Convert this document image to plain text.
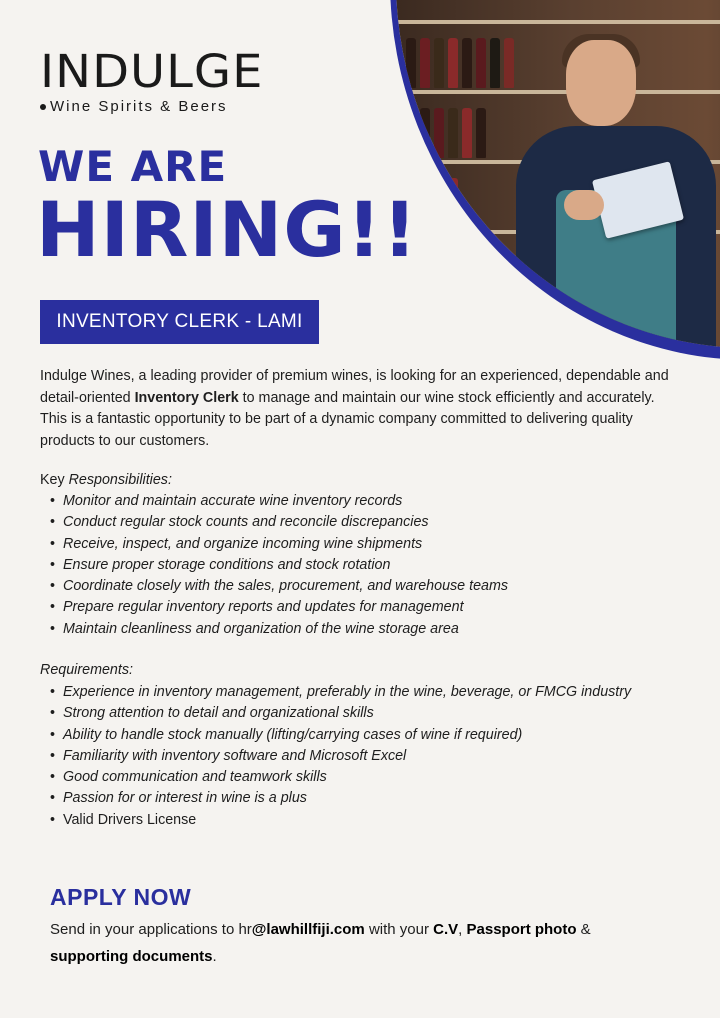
INDULGE
Wine Spirits & Beers
WE ARE
HIRING!!
INVENTORY CLERK - LAMI

Indulge Wines, a leading provider of premium wines, is looking for an experienced, dependable and detail-oriented Inventory Clerk to manage and maintain our wine stock efficiently and accurately. This is a fantastic opportunity to be part of a dynamic company committed to delivering quality products to our customers.

Key Responsibilities:
• Monitor and maintain accurate wine inventory records
• Conduct regular stock counts and reconcile discrepancies
• Receive, inspect, and organize incoming wine shipments
• Ensure proper storage conditions and stock rotation
• Coordinate closely with the sales, procurement, and warehouse teams
• Prepare regular inventory reports and updates for management
• Maintain cleanliness and organization of the wine storage area
Requirements:
• Experience in inventory management, preferably in the wine, beverage, or FMCG industry
• Strong attention to detail and organizational skills
• Ability to handle stock manually (lifting/carrying cases of wine if required)
• Familiarity with inventory software and Microsoft Excel
• Good communication and teamwork skills
• Passion for or interest in wine is a plus
• Valid Drivers License
APPLY NOW

Send in your applications to hr@lawhillfiji.com with your C.V, Passport photo & supporting documents.
